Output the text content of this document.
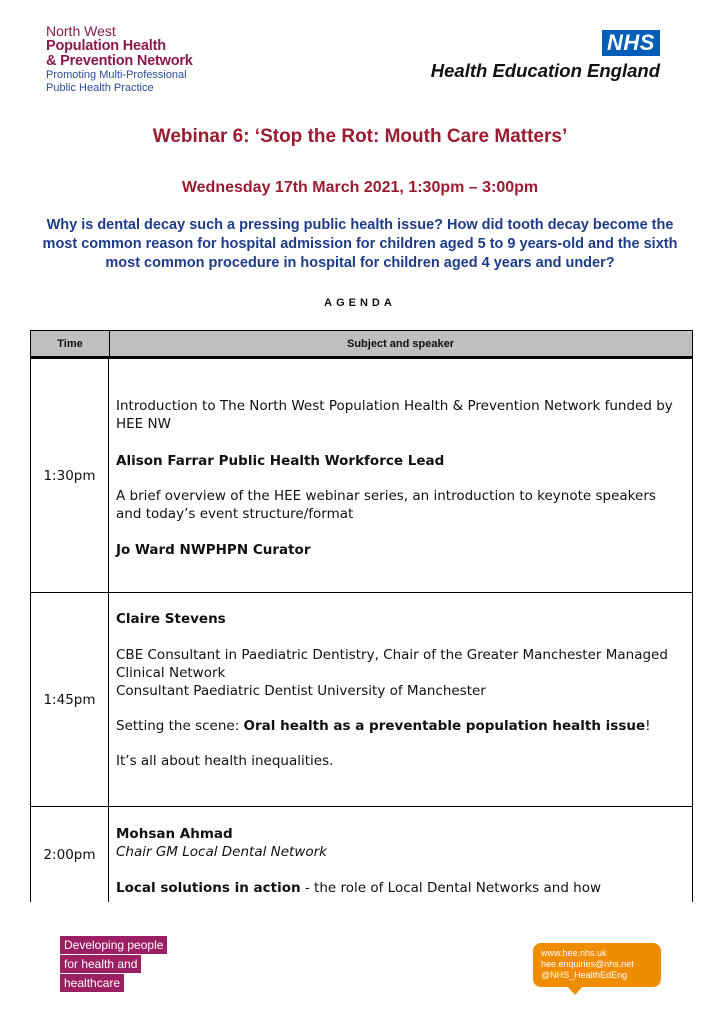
North West
Population Health
& Prevention Network
Promoting Multi-Professional
Public Health Practice
NHS
Health Education England
Webinar 6: ‘Stop the Rot: Mouth Care Matters’
Wednesday 17th March 2021, 1:30pm – 3:00pm
Why is dental decay such a pressing public health issue? How did tooth decay become the most common reason for hospital admission for children aged 5 to 9 years-old and the sixth most common procedure in hospital for children aged 4 years and under?
AGENDA
Time	Subject and speaker
1:30pm

Introduction to The North West Population Health & Prevention Network funded by HEE NW

Alison Farrar Public Health Workforce Lead

A brief overview of the HEE webinar series, an introduction to keynote speakers and today’s event structure/format

Jo Ward NWPHPN Curator

1:45pm

Claire Stevens

CBE Consultant in Paediatric Dentistry, Chair of the Greater Manchester Managed Clinical Network

Consultant Paediatric Dentist University of Manchester

Setting the scene: Oral health as a preventable population health issue!

It’s all about health inequalities.

2:00pm

Mohsan Ahmad

Chair GM Local Dental Network

Local solutions in action - the role of Local Dental Networks and how

Developing people
for health and
healthcare
www.hee.nhs.uk
hee.enquiries@nhs.net
@NHS_HealthEdEng
